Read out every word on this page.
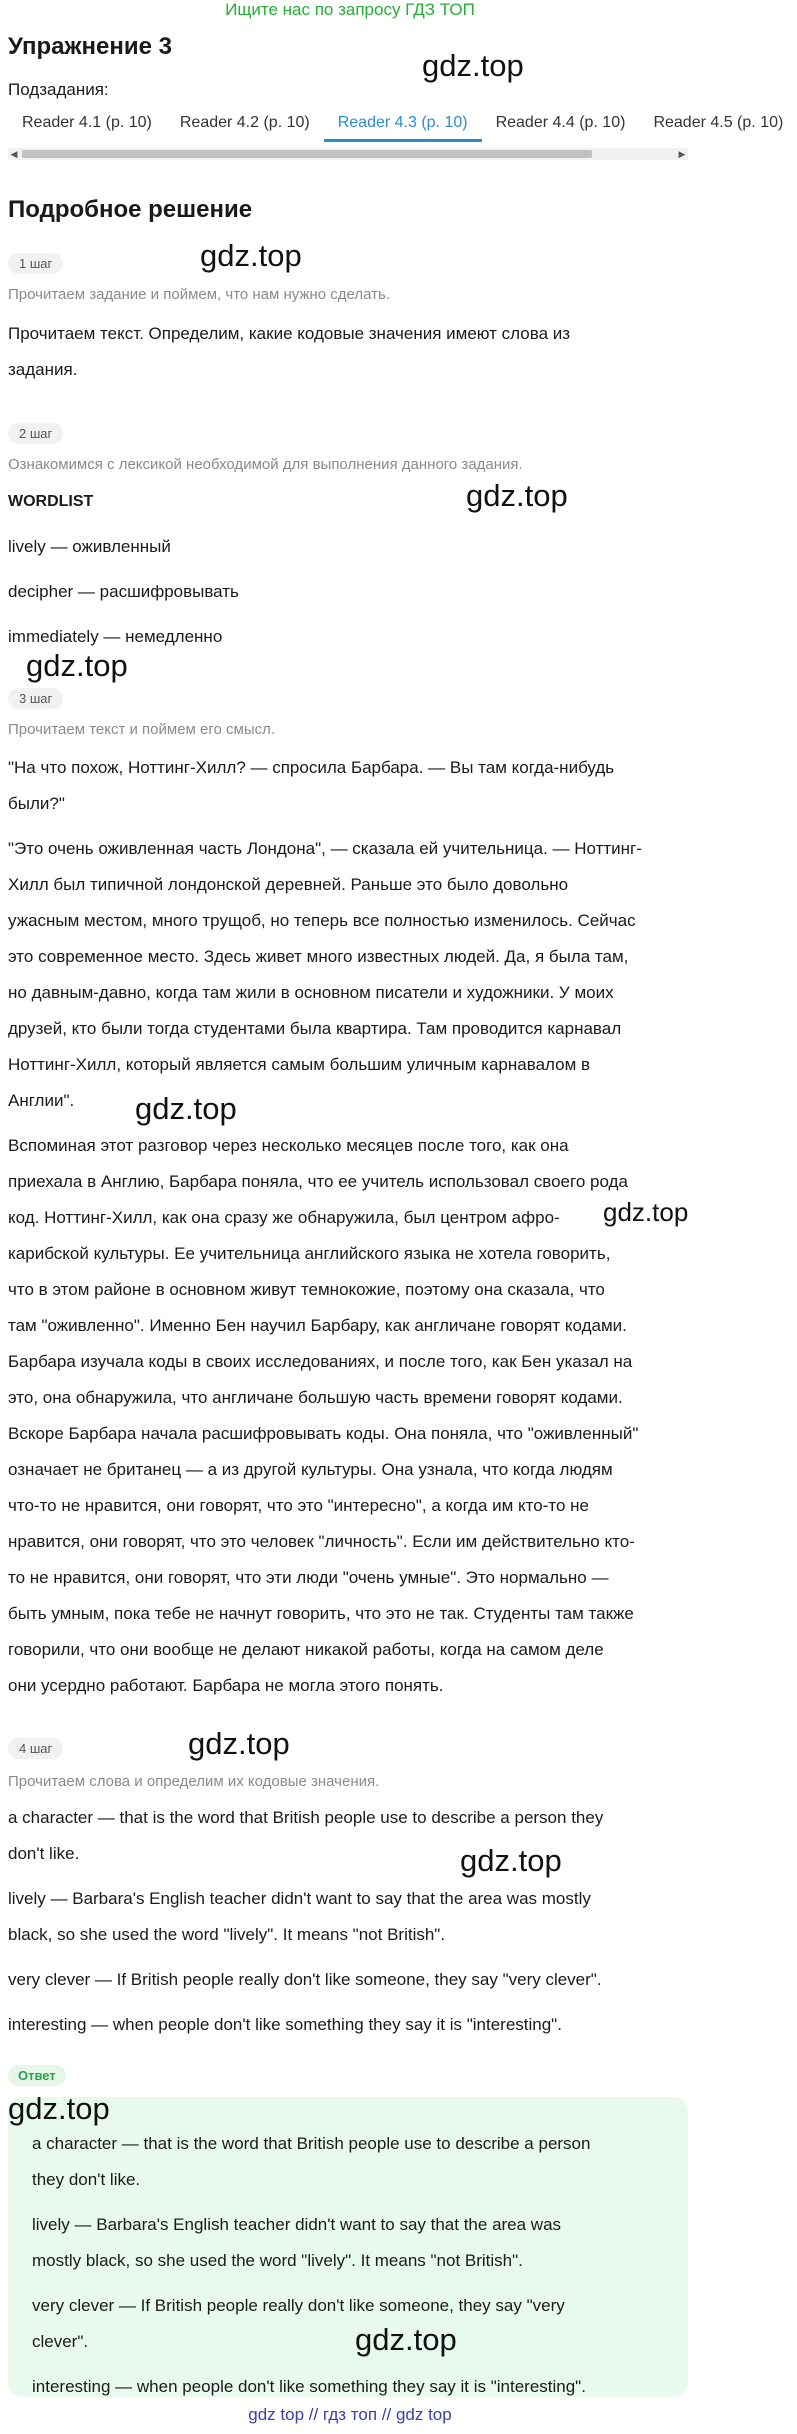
Ищите нас по запросу ГДЗ ТОП
Упражнение 3
gdz.top
Подзадания:
Reader 4.1 (p. 10)	Reader 4.2 (p. 10)	Reader 4.3 (p. 10)	Reader 4.4 (p. 10)	Reader 4.5 (p. 10)
◀	▶
Подробное решение
1 шаг	gdz.top
Прочитаем задание и поймем, что нам нужно сделать.
Прочитаем текст. Определим, какие кодовые значения имеют слова из
задания.
2 шаг
Ознакомимся с лексикой необходимой для выполнения данного задания.
WORDLIST	gdz.top
lively — оживленный
decipher — расшифровывать
immediately — немедленно
gdz.top
3 шаг
Прочитаем текст и поймем его смысл.
"На что похож, Ноттинг-Хилл? — спросила Барбара. — Вы там когда-нибудь
были?"
"Это очень оживленная часть Лондона", — сказала ей учительница. — Ноттинг-
Хилл был типичной лондонской деревней. Раньше это было довольно
ужасным местом, много трущоб, но теперь все полностью изменилось. Сейчас
это современное место. Здесь живет много известных людей. Да, я была там,
но давным-давно, когда там жили в основном писатели и художники. У моих
друзей, кто были тогда студентами была квартира. Там проводится карнавал
Ноттинг-Хилл, который является самым большим уличным карнавалом в
Англии".
Вспоминая этот разговор через несколько месяцев после того, как она
приехала в Англию, Барбара поняла, что ее учитель использовал своего рода
код. Ноттинг-Хилл, как она сразу же обнаружила, был центром афро-
карибской культуры. Ее учительница английского языка не хотела говорить,
что в этом районе в основном живут темнокожие, поэтому она сказала, что
там "оживленно". Именно Бен научил Барбару, как англичане говорят кодами.
Барбара изучала коды в своих исследованиях, и после того, как Бен указал на
это, она обнаружила, что англичане большую часть времени говорят кодами.
Вскоре Барбара начала расшифровывать коды. Она поняла, что "оживленный"
означает не британец — а из другой культуры. Она узнала, что когда людям
что-то не нравится, они говорят, что это "интересно", а когда им кто-то не
нравится, они говорят, что это человек "личность". Если им действительно кто-
то не нравится, они говорят, что эти люди "очень умные". Это нормально —
быть умным, пока тебе не начнут говорить, что это не так. Студенты там также
говорили, что они вообще не делают никакой работы, когда на самом деле
они усердно работают. Барбара не могла этого понять.
gdz.top
gdz.top
4 шаг	gdz.top
Прочитаем слова и определим их кодовые значения.
a character — that is the word that British people use to describe a person they
don't like.	gdz.top
lively — Barbara's English teacher didn't want to say that the area was mostly
black, so she used the word "lively". It means "not British".
very clever — If British people really don't like someone, they say "very clever".
interesting — when people don't like something they say it is "interesting".
Ответ
a character — that is the word that British people use to describe a person
they don't like.
lively — Barbara's English teacher didn't want to say that the area was
mostly black, so she used the word "lively". It means "not British".
very clever — If British people really don't like someone, they say "very
clever".
interesting — when people don't like something they say it is "interesting".
gdz.top
gdz.top
gdz top // гдз топ // gdz top
